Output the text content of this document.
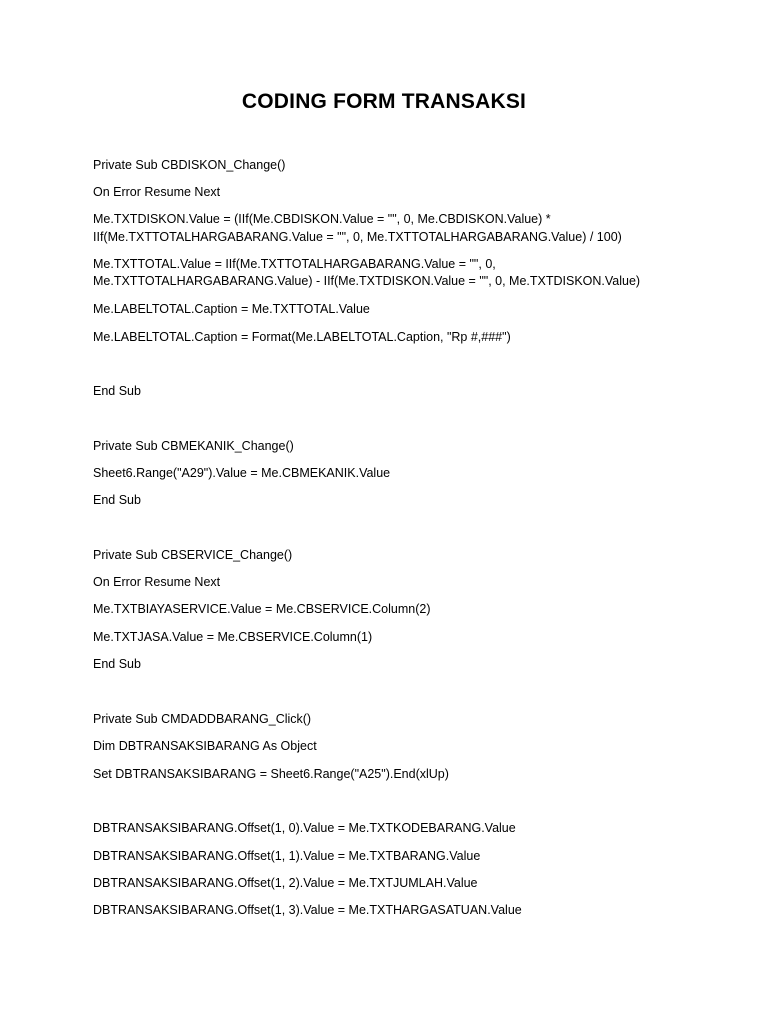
CODING FORM TRANSAKSI
Private Sub CBDISKON_Change()
On Error Resume Next
Me.TXTDISKON.Value = (IIf(Me.CBDISKON.Value = "", 0, Me.CBDISKON.Value) *
IIf(Me.TXTTOTALHARGABARANG.Value = "", 0, Me.TXTTOTALHARGABARANG.Value) / 100)
Me.TXTTOTAL.Value = IIf(Me.TXTTOTALHARGABARANG.Value = "", 0,
Me.TXTTOTALHARGABARANG.Value) - IIf(Me.TXTDISKON.Value = "", 0, Me.TXTDISKON.Value)
Me.LABELTOTAL.Caption = Me.TXTTOTAL.Value
Me.LABELTOTAL.Caption = Format(Me.LABELTOTAL.Caption, "Rp #,###")
End Sub
Private Sub CBMEKANIK_Change()
Sheet6.Range("A29").Value = Me.CBMEKANIK.Value
End Sub
Private Sub CBSERVICE_Change()
On Error Resume Next
Me.TXTBIAYASERVICE.Value = Me.CBSERVICE.Column(2)
Me.TXTJASA.Value = Me.CBSERVICE.Column(1)
End Sub
Private Sub CMDADDBARANG_Click()
Dim DBTRANSAKSIBARANG As Object
Set DBTRANSAKSIBARANG = Sheet6.Range("A25").End(xlUp)
DBTRANSAKSIBARANG.Offset(1, 0).Value = Me.TXTKODEBARANG.Value
DBTRANSAKSIBARANG.Offset(1, 1).Value = Me.TXTBARANG.Value
DBTRANSAKSIBARANG.Offset(1, 2).Value = Me.TXTJUMLAH.Value
DBTRANSAKSIBARANG.Offset(1, 3).Value = Me.TXTHARGASATUAN.Value
